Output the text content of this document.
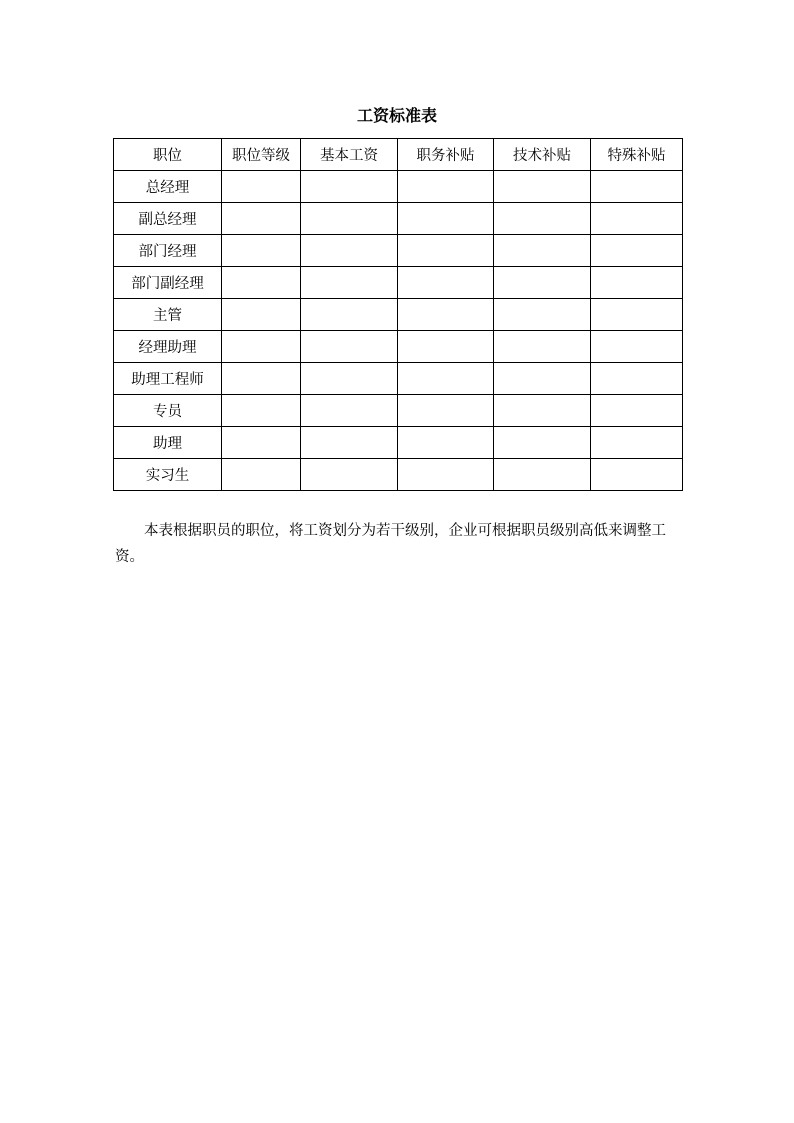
工资标准表
职位	职位等级	基本工资	职务补贴	技术补贴	特殊补贴
总经理					
副总经理					
部门经理					
部门副经理					
主管					
经理助理					
助理工程师					
专员					
助理					
实习生					

本表根据职员的职位，将工资划分为若干级别，企业可根据职员级别高低来调整工资。
